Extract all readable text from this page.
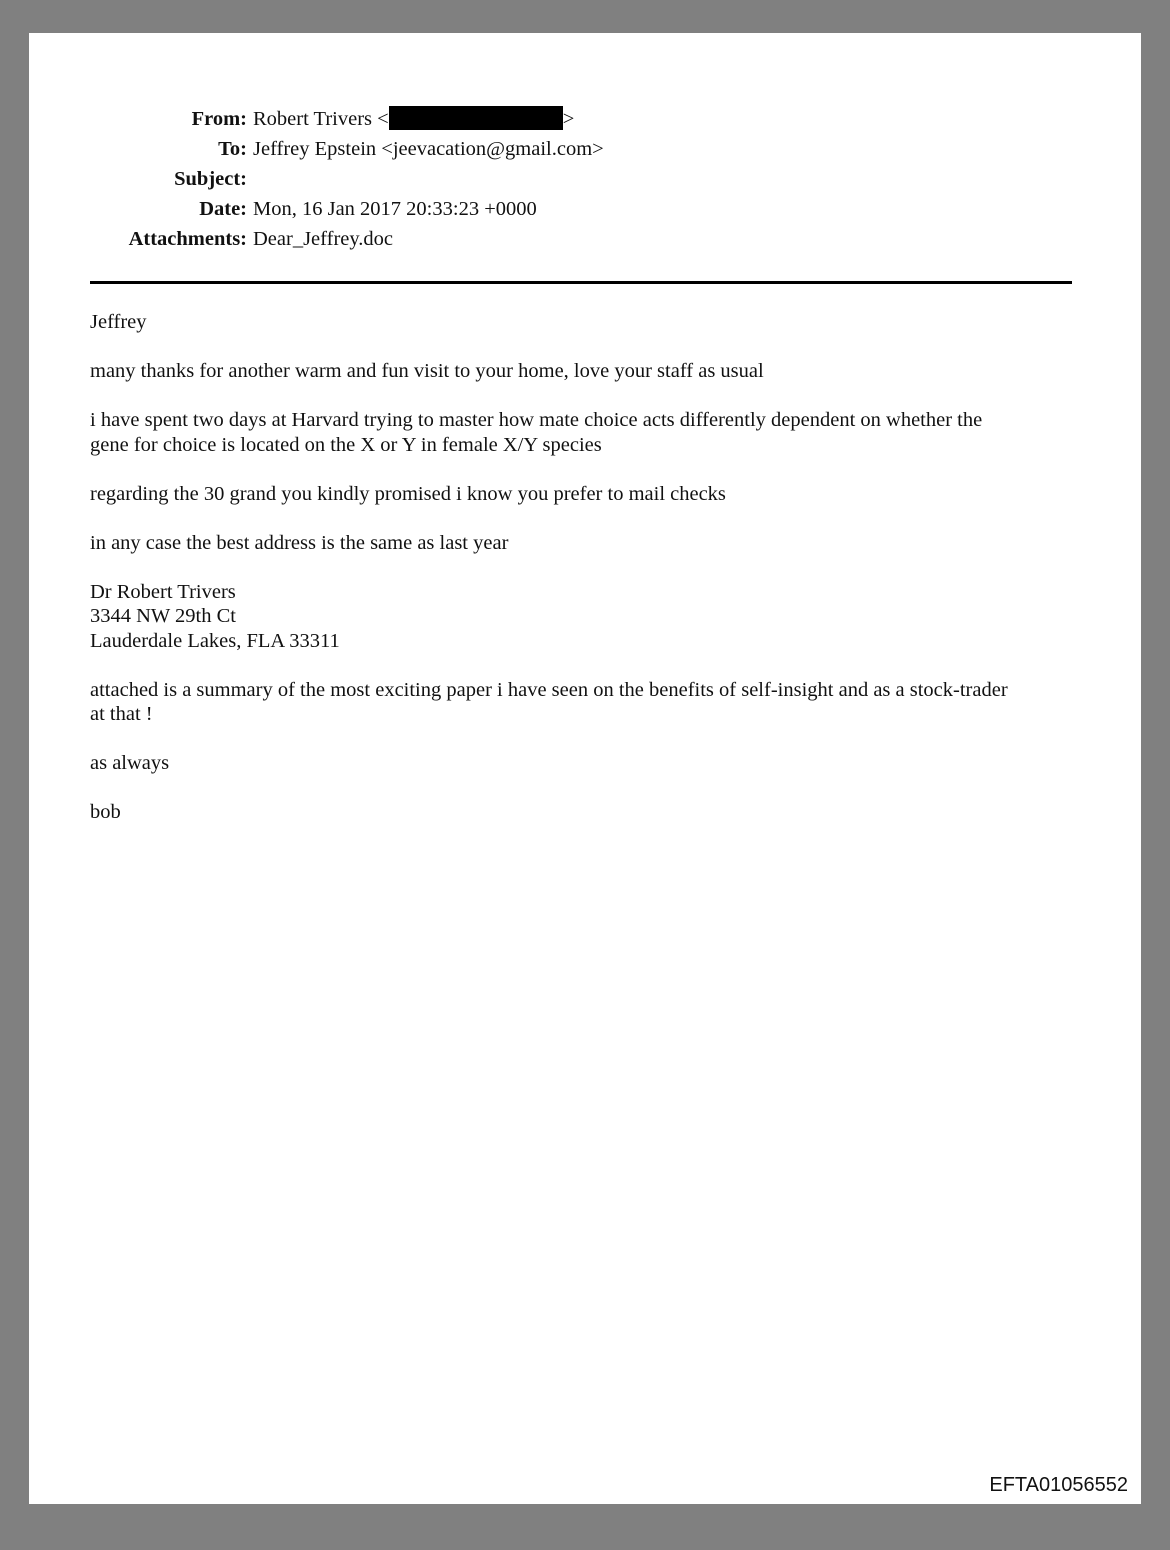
From: Robert Trivers <	>
To: Jeffrey Epstein <jeevacation@gmail.com>
Subject:
Date: Mon, 16 Jan 2017 20:33:23 +0000
Attachments: Dear_Jeffrey.doc

Jeffrey

many thanks for another warm and fun visit to your home, love your staff as usual

i have spent two days at Harvard trying to master how mate choice acts differently dependent on whether the
gene for choice is located on the X or Y in female X/Y species

regarding the 30 grand you kindly promised i know you prefer to mail checks

in any case the best address is the same as last year

Dr Robert Trivers
3344 NW 29th Ct
Lauderdale Lakes, FLA 33311

attached is a summary of the most exciting paper i have seen on the benefits of self-insight and as a stock-trader
at that !

as always

bob

EFTA01056552
